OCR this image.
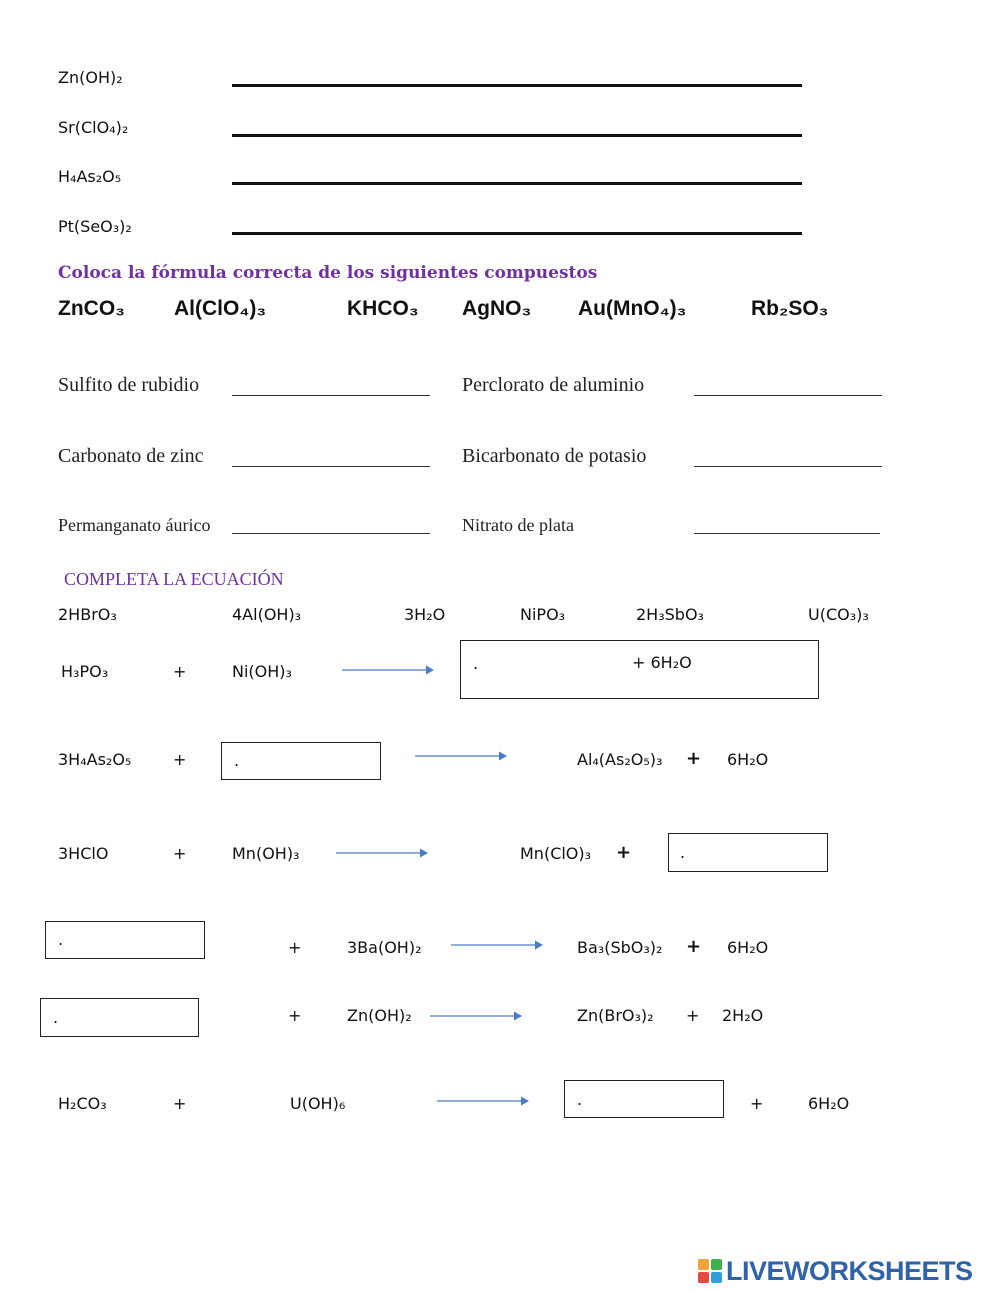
Zn(OH)₂
Sr(ClO₄)₂
H₄As₂O₅
Pt(SeO₃)₂
Coloca la fórmula correcta de los siguientes compuestos
ZnCO₃ Al(ClO₄)₃	KHCO₃ AgNO₃ Au(MnO₄)₃	Rb₂SO₃
Sulfito de rubidio	Perclorato de aluminio
Carbonato de zinc	Bicarbonato de potasio
Permanganato áurico	Nitrato de plata
COMPLETA LA ECUACIÓN
2HBrO₃	4Al(OH)₃	3H₂O	NiPO₃	2H₃SbO₃	U(CO₃)₃
H₃PO₃	+	Ni(OH)₃	.	+ 6H₂O
3H₄As₂O₅	+	.	Al₄(As₂O₅)₃ + 6H₂O
3HClO	+	Mn(OH)₃	Mn(ClO)₃ +	.
.	+	3Ba(OH)₂	Ba₃(SbO₃)₂ + 6H₂O
.	+	Zn(OH)₂	Zn(BrO₃)₂ + 2H₂O
H₂CO₃	+	U(OH)₆	.	+	6H₂O
LIVEWORKSHEETS
